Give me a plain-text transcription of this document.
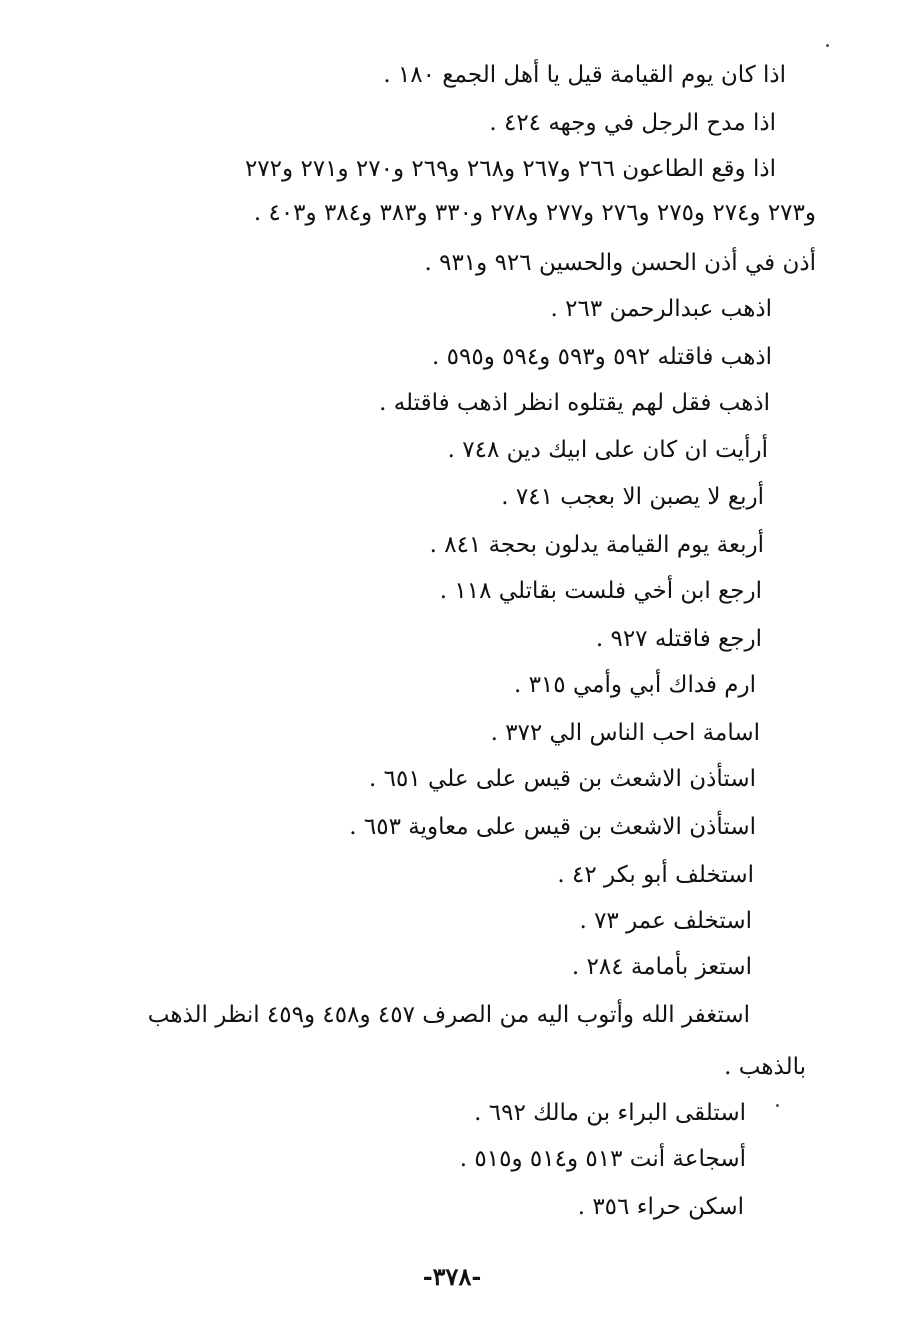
اذا كان يوم القيامة قيل يا أهل الجمع ١٨٠ .
اذا مدح الرجل في وجهه ٤٢٤ .
اذا وقع الطاعون ٢٦٦ و٢٦٧ و٢٦٨ و٢٦٩ و٢٧٠ و٢٧١ و٢٧٢
و٢٧٣ و٢٧٤ و٢٧٥ و٢٧٦ و٢٧٧ و٢٧٨ و٣٣٠ و٣٨٣ و٣٨٤ و٤٠٣ .
أذن في أذن الحسن والحسين ٩٢٦ و٩٣١ .
اذهب عبدالرحمن ٢٦٣ .
اذهب فاقتله ٥٩٢ و٥٩٣ و٥٩٤ و٥٩٥ .
اذهب فقل لهم يقتلوه انظر اذهب فاقتله .
أرأيت ان كان على ابيك دين ٧٤٨ .
أربع لا يصبن الا بعجب ٧٤١ .
أربعة يوم القيامة يدلون بحجة ٨٤١ .
ارجع ابن أخي فلست بقاتلي ١١٨ .
ارجع فاقتله ٩٢٧ .
ارم فداك أبي وأمي ٣١٥ .
اسامة احب الناس الي ٣٧٢ .
استأذن الاشعث بن قيس على علي ٦٥١ .
استأذن الاشعث بن قيس على معاوية ٦٥٣ .
استخلف أبو بكر ٤٢ .
استخلف عمر ٧٣ .
استعز بأمامة ٢٨٤ .
استغفر الله وأتوب اليه من الصرف ٤٥٧ و٤٥٨ و٤٥٩ انظر الذهب
بالذهب .
استلقى البراء بن مالك ٦٩٢ .
أسجاعة أنت ٥١٣ و٥١٤ و٥١٥ .
اسكن حراء ٣٥٦ .
-٣٧٨-
